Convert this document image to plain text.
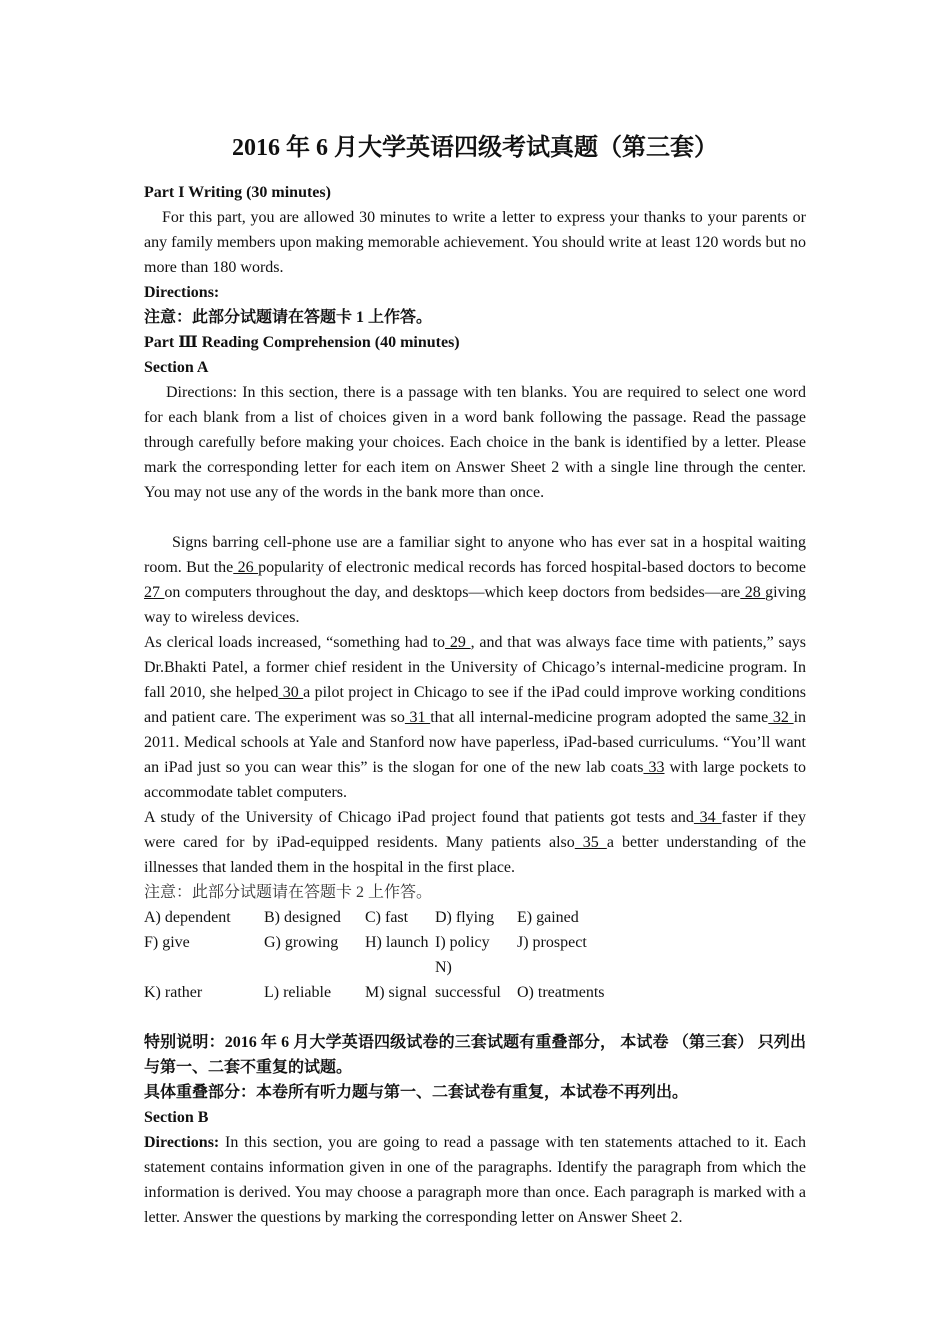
2016 年 6 月大学英语四级考试真题（第三套）

Part I Writing (30 minutes)

For this part, you are allowed 30 minutes to write a letter to express your thanks to your parents or any family members upon making memorable achievement. You should write at least 120 words but no more than 180 words.

Directions:

注意：此部分试题请在答题卡 1 上作答。

Part Ⅲ Reading Comprehension (40 minutes)

Section A

Directions: In this section, there is a passage with ten blanks. You are required to select one word for each blank from a list of choices given in a word bank following the passage. Read the passage through carefully before making your choices. Each choice in the bank is identified by a letter. Please mark the corresponding letter for each item on Answer Sheet 2 with a single line through the center. You may not use any of the words in the bank more than once.

Signs barring cell-phone use are a familiar sight to anyone who has ever sat in a hospital waiting room. But the 26 popularity of electronic medical records has forced hospital-based doctors to become 27 on computers throughout the day, and desktops—which keep doctors from bedsides—are 28 giving way to wireless devices.

As clerical loads increased, “something had to 29 , and that was always face time with patients,” says Dr.Bhakti Patel, a former chief resident in the University of Chicago’s internal-medicine program. In fall 2010, she helped 30 a pilot project in Chicago to see if the iPad could improve working conditions and patient care. The experiment was so 31 that all internal-medicine program adopted the same 32 in 2011. Medical schools at Yale and Stanford now have paperless, iPad-based curriculums. “You’ll want an iPad just so you can wear this” is the slogan for one of the new lab coats 33 with large pockets to accommodate tablet computers.

A study of the University of Chicago iPad project found that patients got tests and 34 faster if they were cared for by iPad-equipped residents. Many patients also 35 a better understanding of the illnesses that landed them in the hospital in the first place.

注意：此部分试题请在答题卡 2 上作答。

A) dependent B) designed C) fast D) flying E) gained

F) give	G) growing H) launch I) policy J) prospect

K) rather	L) reliable M) signalN) successful O) treatments

特别说明：2016 年 6 月大学英语四级试卷的三套试题有重叠部分， 本试卷 （第三套） 只列出与第一、二套不重复的试题。

具体重叠部分：本卷所有听力题与第一、二套试卷有重复，本试卷不再列出。

Section B

Directions: In this section, you are going to read a passage with ten statements attached to it. Each statement contains information given in one of the paragraphs. Identify the paragraph from which the information is derived. You may choose a paragraph more than once. Each paragraph is marked with a letter. Answer the questions by marking the corresponding letter on Answer Sheet 2.
